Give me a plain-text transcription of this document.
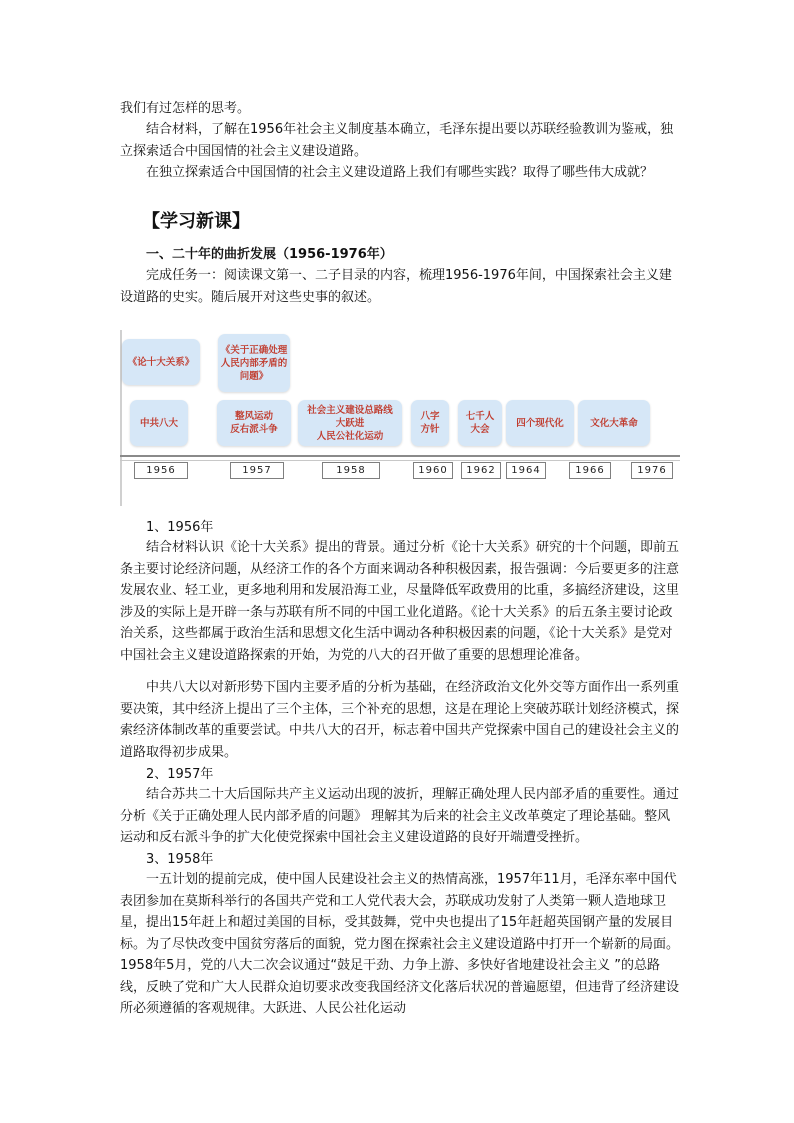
我们有过怎样的思考。

结合材料，了解在1956年社会主义制度基本确立，毛泽东提出要以苏联经验教训为鉴戒，独立探索适合中国国情的社会主义建设道路。

在独立探索适合中国国情的社会主义建设道路上我们有哪些实践？取得了哪些伟大成就？

【学习新课】
一、二十年的曲折发展（1956-1976年）

完成任务一：阅读课文第一、二子目录的内容，梳理1956-1976年间，中国探索社会主义建设道路的史实。随后展开对这些史事的叙述。

《论十大关系》
《关于正确处理人民内部矛盾的问题》
中共八大
整风运动
反右派斗争
社会主义建设总路线
大跃进
人民公社化运动
八字
方针
七千人
大会
四个现代化	文化大革命
1956	1957	1958	1960	1962	1964	1966	1976
1、1956年

结合材料认识《论十大关系》提出的背景。通过分析《论十大关系》研究的十个问题，即前五条主要讨论经济问题，从经济工作的各个方面来调动各种积极因素，报告强调：今后要更多的注意发展农业、轻工业，更多地利用和发展沿海工业，尽量降低军政费用的比重，多搞经济建设，这里涉及的实际上是开辟一条与苏联有所不同的中国工业化道路。《论十大关系》的后五条主要讨论政治关系，这些都属于政治生活和思想文化生活中调动各种积极因素的问题，《论十大关系》是党对中国社会主义建设道路探索的开始，为党的八大的召开做了重要的思想理论准备。

中共八大以对新形势下国内主要矛盾的分析为基础，在经济政治文化外交等方面作出一系列重要决策，其中经济上提出了三个主体，三个补充的思想，这是在理论上突破苏联计划经济模式，探索经济体制改革的重要尝试。中共八大的召开，标志着中国共产党探索中国自己的建设社会主义的道路取得初步成果。

2、1957年

结合苏共二十大后国际共产主义运动出现的波折，理解正确处理人民内部矛盾的重要性。通过分析《关于正确处理人民内部矛盾的问题》 理解其为后来的社会主义改革奠定了理论基础。整风运动和反右派斗争的扩大化使党探索中国社会主义建设道路的良好开端遭受挫折。

3、1958年

一五计划的提前完成，使中国人民建设社会主义的热情高涨，1957年11月，毛泽东率中国代表团参加在莫斯科举行的各国共产党和工人党代表大会，苏联成功发射了人类第一颗人造地球卫星，提出15年赶上和超过美国的目标，受其鼓舞，党中央也提出了15年赶超英国钢产量的发展目标。为了尽快改变中国贫穷落后的面貌，党力图在探索社会主义建设道路中打开一个崭新的局面。1958年5月，党的八大二次会议通过“鼓足干劲、力争上游、多快好省地建设社会主义 ”的总路线，反映了党和广大人民群众迫切要求改变我国经济文化落后状况的普遍愿望，但违背了经济建设所必须遵循的客观规律。大跃进、人民公社化运动
